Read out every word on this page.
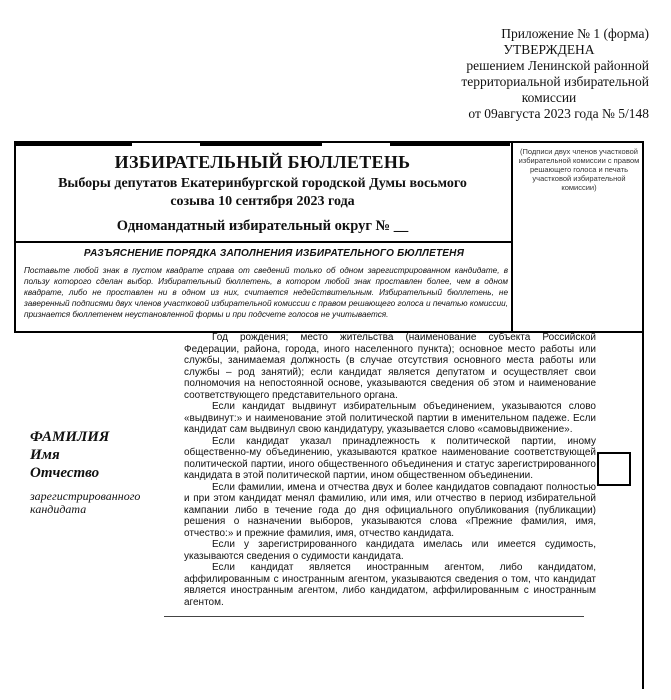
Приложение № 1 (форма)
УТВЕРЖДЕНА
решением Ленинской районной
территориальной избирательной
комиссии
от 09августа 2023 года № 5/148
ИЗБИРАТЕЛЬНЫЙ БЮЛЛЕТЕНЬ
Выборы депутатов Екатеринбургской городской Думы восьмого
созыва 10 сентября 2023 года
Одномандатный избирательный округ № __
(Подписи двух членов участковой избирательной комиссии с правом решающего голоса и печать участковой избирательной комиссии)
РАЗЪЯСНЕНИЕ ПОРЯДКА ЗАПОЛНЕНИЯ ИЗБИРАТЕЛЬНОГО БЮЛЛЕТЕНЯ
Поставьте любой знак в пустом квадрате справа от сведений только об одном зарегистрированном кандидате, в пользу которого сделан выбор. Избирательный бюллетень, в котором любой знак проставлен более, чем в одном квадрате, либо не проставлен ни в одном из них, считается недействительным. Избирательный бюллетень, не заверенный подписями двух членов участковой избирательной комиссии с правом решающего голоса и печатью комиссии, признается бюллетенем неустановленной формы и при подсчете голосов не учитывается.
ФАМИЛИЯ
Имя
Отчество
зарегистрированного
кандидата

Год рождения; место жительства (наименование субъекта Российской Федерации, района, города, иного населенного пункта); основное место работы или службы, занимаемая должность (в случае отсутствия основного места работы или службы – род занятий); если кандидат является депутатом и осуществляет свои полномочия на непостоянной основе, указываются сведения об этом и наименование соответствующего представительного органа.

Если кандидат выдвинут избирательным объединением, указываются слово «выдвинут:» и наименование этой политической партии в именительном падеже. Если кандидат сам выдвинул свою кандидатуру, указывается слово «самовыдвижение».

Если кандидат указал принадлежность к политической партии, иному общественно-му объединению, указываются краткое наименование соответствующей политической партии, иного общественного объединения и статус зарегистрированного кандидата в этой политической партии, ином общественном объединении.

Если фамилии, имена и отчества двух и более кандидатов совпадают полностью и при этом кандидат менял фамилию, или имя, или отчество в период избирательной кампании либо в течение года до дня официального опубликования (публикации) решения о назначении выборов, указываются слова «Прежние фамилия, имя, отчество:» и прежние фамилия, имя, отчество кандидата.

Если у зарегистрированного кандидата имелась или имеется судимость, указываются сведения о судимости кандидата.

Если кандидат является иностранным агентом, либо кандидатом, аффилированным с иностранным агентом, указываются сведения о том, что кандидат является иностранным агентом, либо кандидатом, аффилированным с иностранным агентом.
